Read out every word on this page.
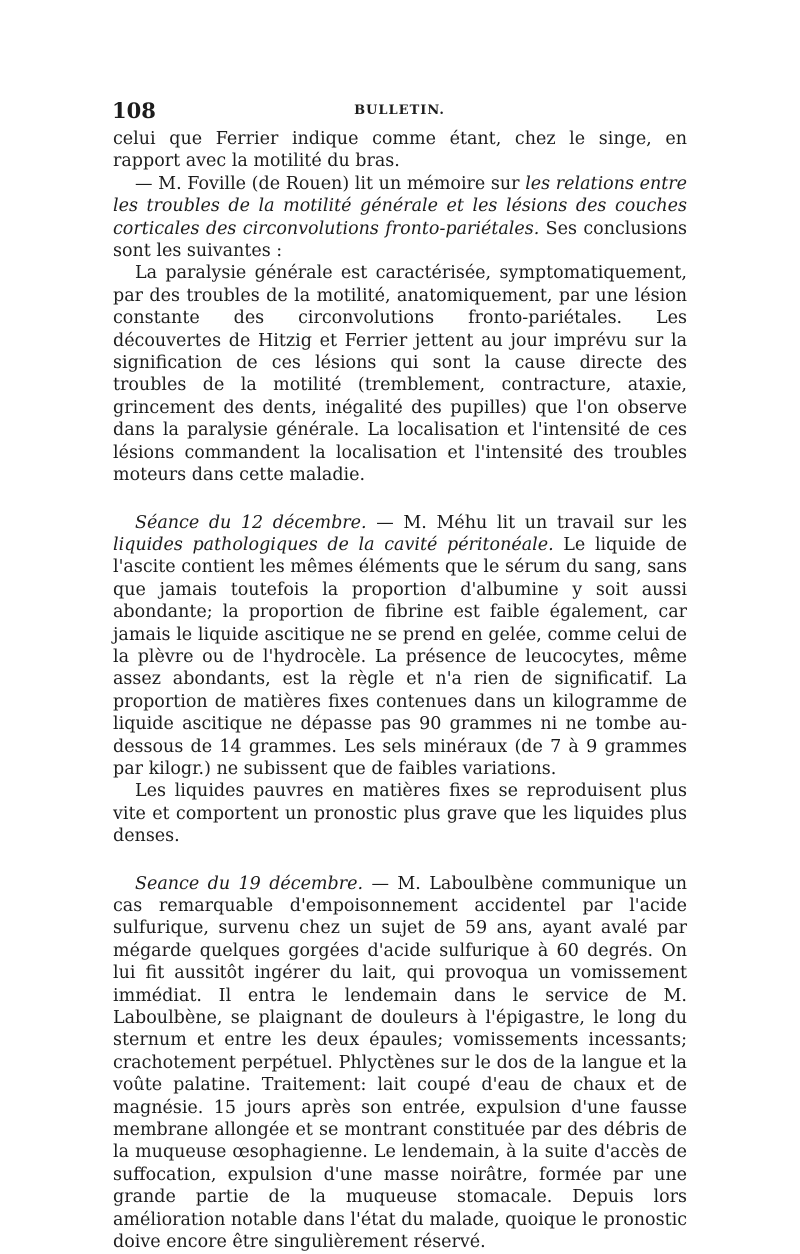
108	BULLETIN.

celui que Ferrier indique comme étant, chez le singe, en rapport avec la motilité du bras.

— M. Foville (de Rouen) lit un mémoire sur les relations entre les troubles de la motilité générale et les lésions des couches corticales des circonvolutions fronto-pariétales. Ses conclusions sont les suivantes :

La paralysie générale est caractérisée, symptomatiquement, par des troubles de la motilité, anatomiquement, par une lésion constante des circonvolutions fronto-pariétales. Les découvertes de Hitzig et Ferrier jettent au jour imprévu sur la signification de ces lésions qui sont la cause directe des troubles de la motilité (tremblement, contracture, ataxie, grincement des dents, inégalité des pupilles) que l'on observe dans la paralysie générale. La localisation et l'intensité de ces lésions commandent la localisation et l'intensité des troubles moteurs dans cette maladie.

Séance du 12 décembre. — M. Méhu lit un travail sur les liquides pathologiques de la cavité péritonéale. Le liquide de l'ascite contient les mêmes éléments que le sérum du sang, sans que jamais toutefois la proportion d'albumine y soit aussi abondante; la proportion de fibrine est faible également, car jamais le liquide ascitique ne se prend en gelée, comme celui de la plèvre ou de l'hydrocèle. La présence de leucocytes, même assez abondants, est la règle et n'a rien de significatif. La proportion de matières fixes contenues dans un kilogramme de liquide ascitique ne dépasse pas 90 grammes ni ne tombe au-dessous de 14 grammes. Les sels minéraux (de 7 à 9 grammes par kilogr.) ne subissent que de faibles variations.

Les liquides pauvres en matières fixes se reproduisent plus vite et comportent un pronostic plus grave que les liquides plus denses.

Seance du 19 décembre. — M. Laboulbène communique un cas remarquable d'empoisonnement accidentel par l'acide sulfurique, survenu chez un sujet de 59 ans, ayant avalé par mégarde quelques gorgées d'acide sulfurique à 60 degrés. On lui fit aussitôt ingérer du lait, qui provoqua un vomissement immédiat. Il entra le lendemain dans le service de M. Laboulbène, se plaignant de douleurs à l'épigastre, le long du sternum et entre les deux épaules; vomissements incessants; crachotement perpétuel. Phlyctènes sur le dos de la langue et la voûte palatine. Traitement: lait coupé d'eau de chaux et de magnésie. 15 jours après son entrée, expulsion d'une fausse membrane allongée et se montrant constituée par des débris de la muqueuse œsophagienne. Le lendemain, à la suite d'accès de suffocation, expulsion d'une masse noirâtre, formée par une grande partie de la muqueuse stomacale. Depuis lors amélioration notable dans l'état du malade, quoique le pronostic doive encore être singulièrement réservé.
